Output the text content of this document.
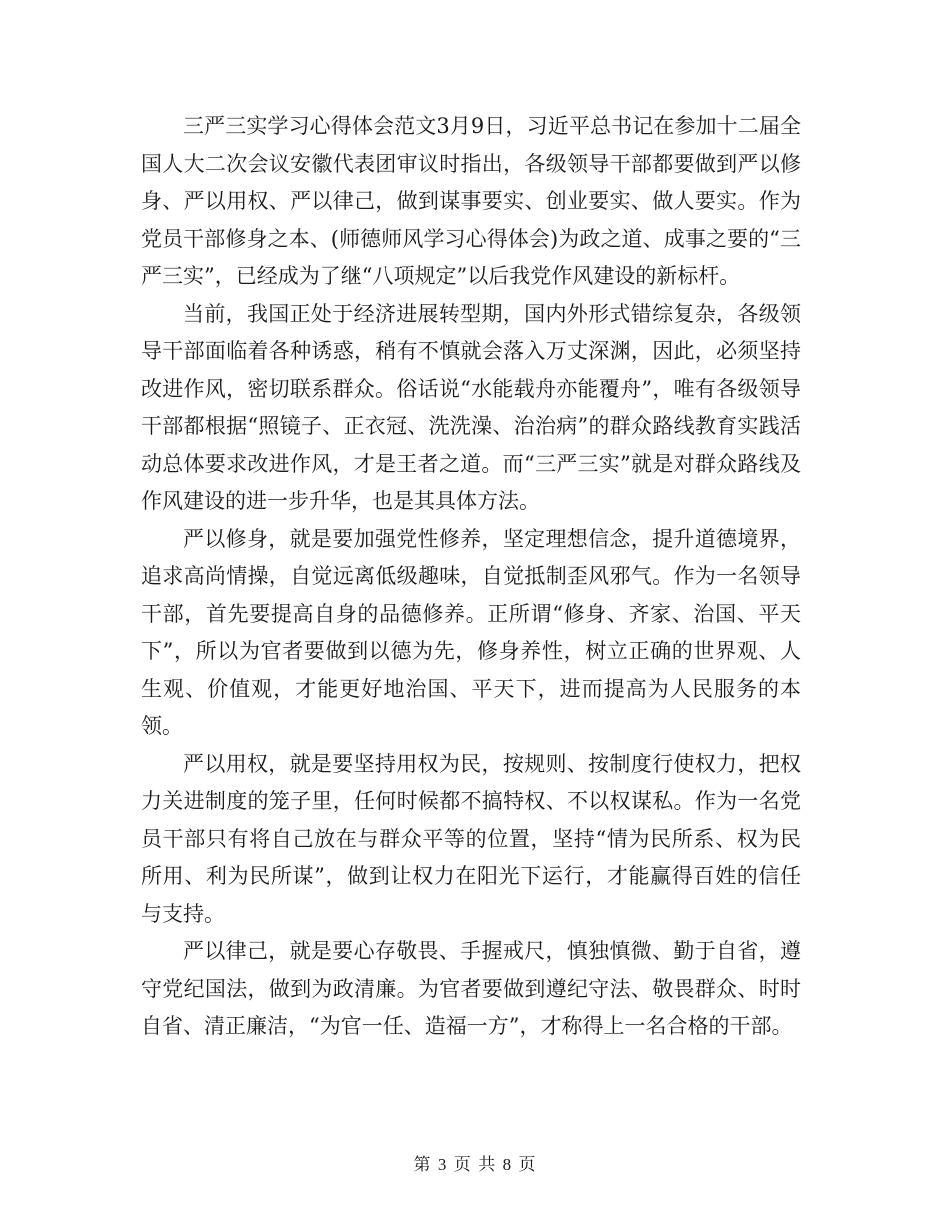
三严三实学习心得体会范文3月9日，习近平总书记在参加十二届全国人大二次会议安徽代表团审议时指出，各级领导干部都要做到严以修身、严以用权、严以律己，做到谋事要实、创业要实、做人要实。作为党员干部修身之本、(师德师风学习心得体会)为政之道、成事之要的“三严三实”，已经成为了继“八项规定”以后我党作风建设的新标杆。

当前，我国正处于经济进展转型期，国内外形式错综复杂，各级领导干部面临着各种诱惑，稍有不慎就会落入万丈深渊，因此，必须坚持改进作风，密切联系群众。俗话说“水能载舟亦能覆舟”，唯有各级领导干部都根据“照镜子、正衣冠、洗洗澡、治治病”的群众路线教育实践活动总体要求改进作风，才是王者之道。而“三严三实”就是对群众路线及作风建设的进一步升华，也是其具体方法。

严以修身，就是要加强党性修养，坚定理想信念，提升道德境界，追求高尚情操，自觉远离低级趣味，自觉抵制歪风邪气。作为一名领导干部，首先要提高自身的品德修养。正所谓“修身、齐家、治国、平天下”，所以为官者要做到以德为先，修身养性，树立正确的世界观、人生观、价值观，才能更好地治国、平天下，进而提高为人民服务的本领。

严以用权，就是要坚持用权为民，按规则、按制度行使权力，把权力关进制度的笼子里，任何时候都不搞特权、不以权谋私。作为一名党员干部只有将自己放在与群众平等的位置，坚持“情为民所系、权为民所用、利为民所谋”，做到让权力在阳光下运行，才能赢得百姓的信任与支持。

严以律己，就是要心存敬畏、手握戒尺，慎独慎微、勤于自省，遵守党纪国法，做到为政清廉。为官者要做到遵纪守法、敬畏群众、时时自省、清正廉洁，“为官一任、造福一方”，才称得上一名合格的干部。

第 3 页 共 8 页
